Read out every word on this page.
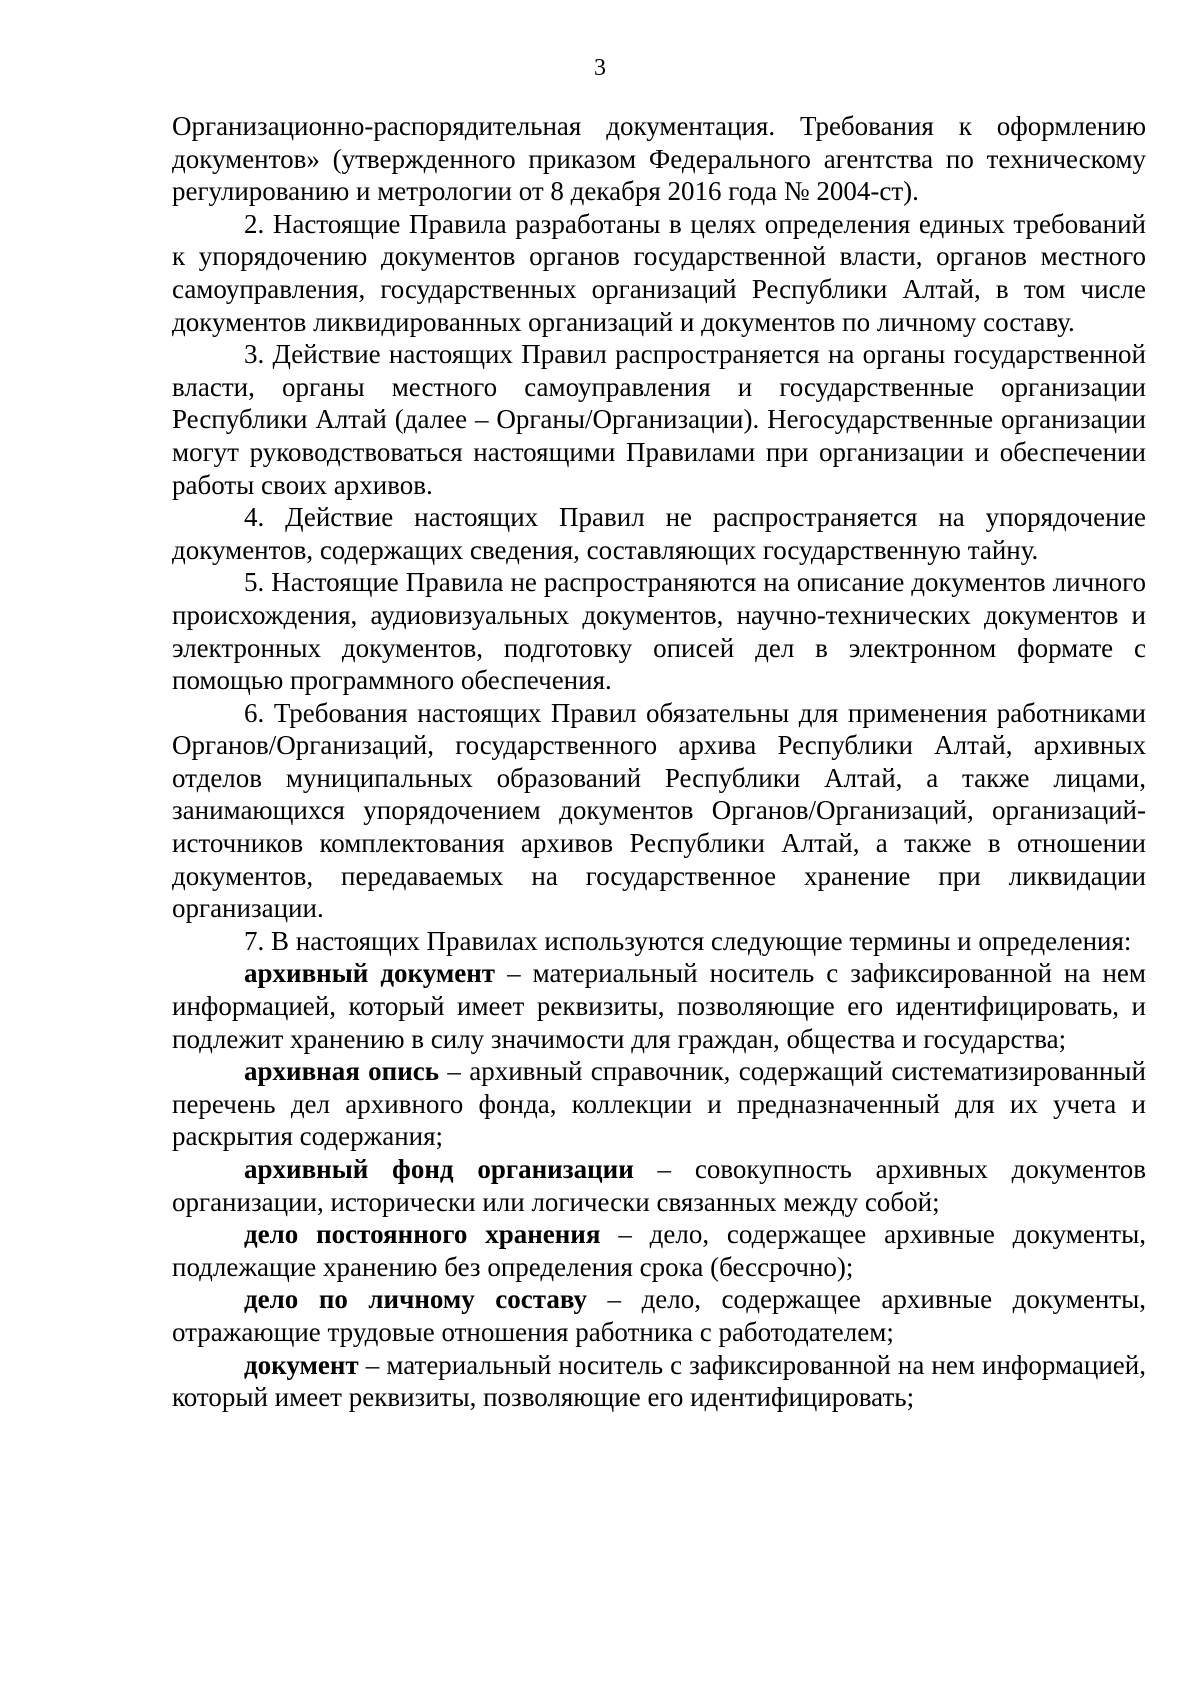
3

Организационно-распорядительная документация. Требования к оформлению документов» (утвержденного приказом Федерального агентства по техническому регулированию и метрологии от 8 декабря 2016 года № 2004-ст).

2. Настоящие Правила разработаны в целях определения единых требований к упорядочению документов органов государственной власти, органов местного самоуправления, государственных организаций Республики Алтай, в том числе документов ликвидированных организаций и документов по личному составу.

3. Действие настоящих Правил распространяется на органы государственной власти, органы местного самоуправления и государственные организации Республики Алтай (далее – Органы/Организации). Негосударственные организации могут руководствоваться настоящими Правилами при организации и обеспечении работы своих архивов.

4. Действие настоящих Правил не распространяется на упорядочение документов, содержащих сведения, составляющих государственную тайну.

5. Настоящие Правила не распространяются на описание документов личного происхождения, аудиовизуальных документов, научно-технических документов и электронных документов, подготовку описей дел в электронном формате с помощью программного обеспечения.

6. Требования настоящих Правил обязательны для применения работниками Органов/Организаций, государственного архива Республики Алтай, архивных отделов муниципальных образований Республики Алтай, а также лицами, занимающихся упорядочением документов Органов/Организаций, организаций-источников комплектования архивов Республики Алтай, а также в отношении документов, передаваемых на государственное хранение при ликвидации организации.

7. В настоящих Правилах используются следующие термины и определения:

архивный документ – материальный носитель с зафиксированной на нем информацией, который имеет реквизиты, позволяющие его идентифицировать, и подлежит хранению в силу значимости для граждан, общества и государства;

архивная опись – архивный справочник, содержащий систематизированный перечень дел архивного фонда, коллекции и предназначенный для их учета и раскрытия содержания;

архивный фонд организации – совокупность архивных документов организации, исторически или логически связанных между собой;

дело постоянного хранения – дело, содержащее архивные документы, подлежащие хранению без определения срока (бессрочно);

дело по личному составу – дело, содержащее архивные документы, отражающие трудовые отношения работника с работодателем;

документ – материальный носитель с зафиксированной на нем информацией, который имеет реквизиты, позволяющие его идентифицировать;
